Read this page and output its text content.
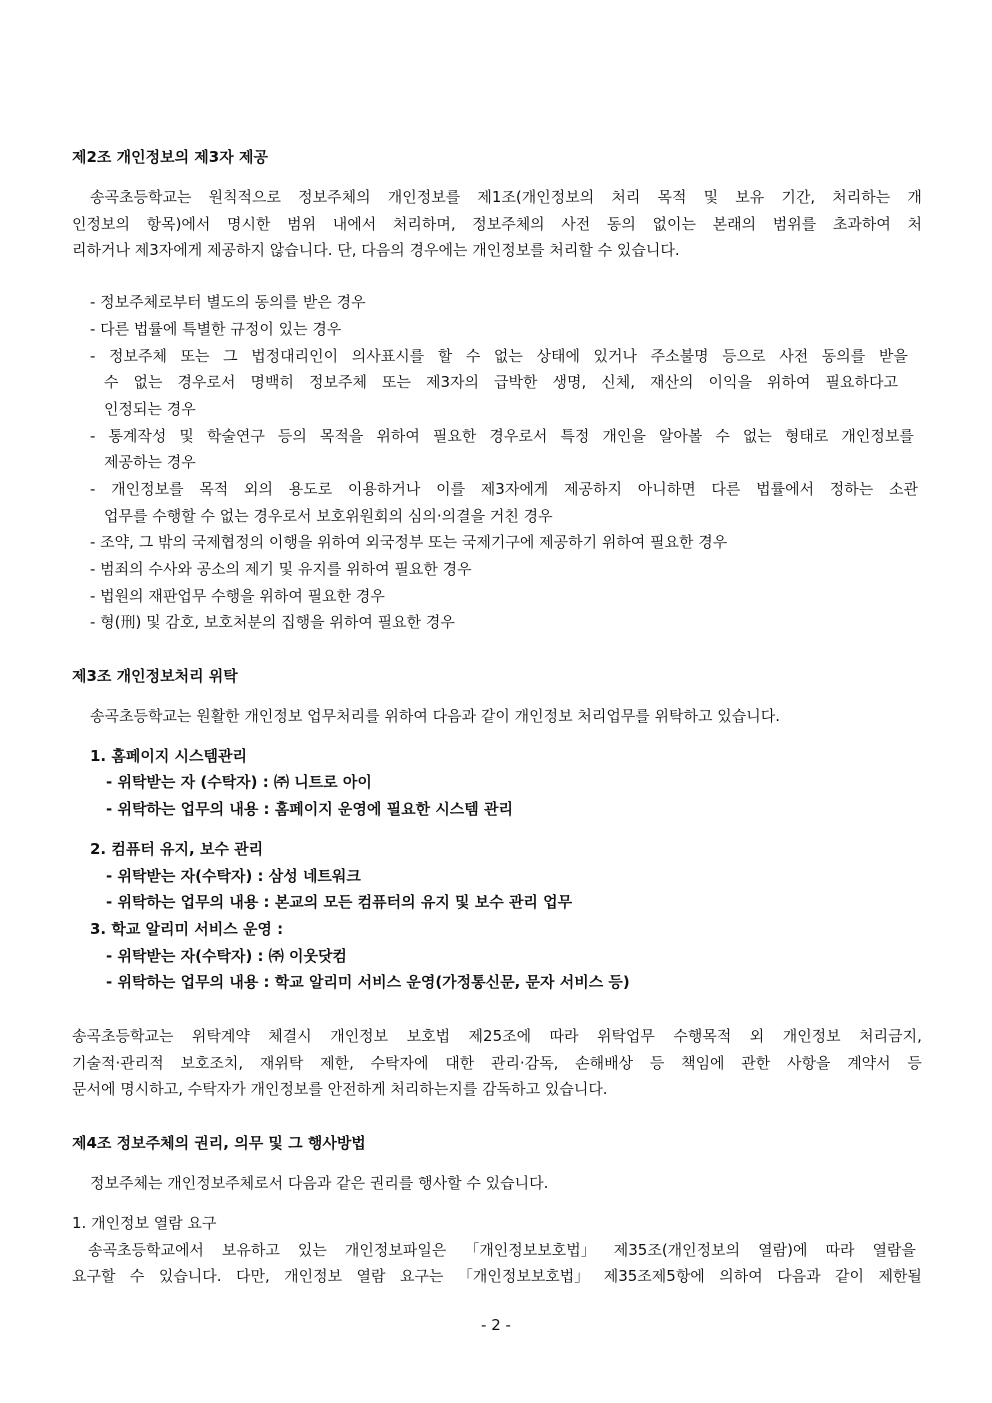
제2조 개인정보의 제3자 제공
송곡초등학교는 원칙적으로 정보주체의 개인정보를 제1조(개인정보의 처리 목적 및 보유 기간, 처리하는 개
인정보의 항목)에서 명시한 범위 내에서 처리하며, 정보주체의 사전 동의 없이는 본래의 범위를 초과하여 처
리하거나 제3자에게 제공하지 않습니다. 단, 다음의 경우에는 개인정보를 처리할 수 있습니다.
- 정보주체로부터 별도의 동의를 받은 경우
- 다른 법률에 특별한 규정이 있는 경우
- 정보주체 또는 그 법정대리인이 의사표시를 할 수 없는 상태에 있거나 주소불명 등으로 사전 동의를 받을
수 없는 경우로서 명백히 정보주체 또는 제3자의 급박한 생명, 신체, 재산의 이익을 위하여 필요하다고
인정되는 경우
- 통계작성 및 학술연구 등의 목적을 위하여 필요한 경우로서 특정 개인을 알아볼 수 없는 형태로 개인정보를
제공하는 경우
- 개인정보를 목적 외의 용도로 이용하거나 이를 제3자에게 제공하지 아니하면 다른 법률에서 정하는 소관
업무를 수행할 수 없는 경우로서 보호위원회의 심의·의결을 거친 경우
- 조약, 그 밖의 국제협정의 이행을 위하여 외국정부 또는 국제기구에 제공하기 위하여 필요한 경우
- 범죄의 수사와 공소의 제기 및 유지를 위하여 필요한 경우
- 법원의 재판업무 수행을 위하여 필요한 경우
- 형(刑) 및 감호, 보호처분의 집행을 위하여 필요한 경우
제3조 개인정보처리 위탁
송곡초등학교는 원활한 개인정보 업무처리를 위하여 다음과 같이 개인정보 처리업무를 위탁하고 있습니다.
1. 홈페이지 시스템관리
- 위탁받는 자 (수탁자) : ㈜ 니트로 아이
- 위탁하는 업무의 내용 : 홈페이지 운영에 필요한 시스템 관리
2. 컴퓨터 유지, 보수 관리
- 위탁받는 자(수탁자) : 삼성 네트워크
- 위탁하는 업무의 내용 : 본교의 모든 컴퓨터의 유지 및 보수 관리 업무
3. 학교 알리미 서비스 운영 :
- 위탁받는 자(수탁자) : ㈜ 이웃닷컴
- 위탁하는 업무의 내용 : 학교 알리미 서비스 운영(가정통신문, 문자 서비스 등)
송곡초등학교는 위탁계약 체결시 개인정보 보호법 제25조에 따라 위탁업무 수행목적 외 개인정보 처리금지,
기술적·관리적 보호조치, 재위탁 제한, 수탁자에 대한 관리·감독, 손해배상 등 책임에 관한 사항을 계약서 등
문서에 명시하고, 수탁자가 개인정보를 안전하게 처리하는지를 감독하고 있습니다.
제4조 정보주체의 권리, 의무 및 그 행사방법
정보주체는 개인정보주체로서 다음과 같은 권리를 행사할 수 있습니다.
1. 개인정보 열람 요구
송곡초등학교에서 보유하고 있는 개인정보파일은 「개인정보보호법」 제35조(개인정보의 열람)에 따라 열람을
요구할 수 있습니다. 다만, 개인정보 열람 요구는 「개인정보보호법」 제35조제5항에 의하여 다음과 같이 제한될
- 2 -
